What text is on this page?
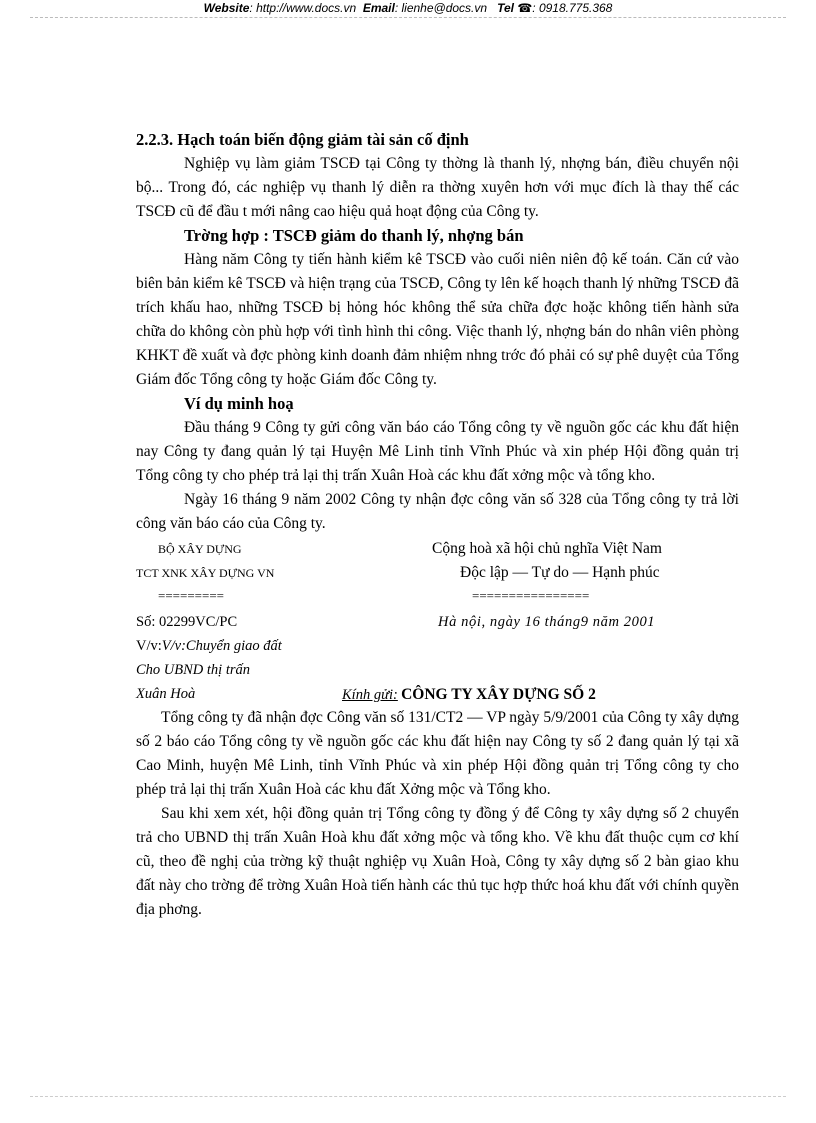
Website: http://www.docs.vn Email: lienhe@docs.vn Tel ☎: 0918.775.368

2.2.3. Hạch toán biến động giảm tài sản cố định

Nghiệp vụ làm giảm TSCĐ tại Công ty thờng là thanh lý, nhợng bán, điều chuyển nội bộ... Trong đó, các nghiệp vụ thanh lý diễn ra thờng xuyên hơn với mục đích là thay thế các TSCĐ cũ để đầu t mới nâng cao hiệu quả hoạt động của Công ty.

Trờng hợp : TSCĐ giảm do thanh lý, nhợng bán

Hàng năm Công ty tiến hành kiểm kê TSCĐ vào cuối niên niên độ kế toán. Căn cứ vào biên bản kiểm kê TSCĐ và hiện trạng của TSCĐ, Công ty lên kế hoạch thanh lý những TSCĐ đã trích khấu hao, những TSCĐ bị hỏng hóc không thể sửa chữa đợc hoặc không tiến hành sửa chữa do không còn phù hợp với tình hình thi công. Việc thanh lý, nhợng bán do nhân viên phòng KHKT đề xuất và đợc phòng kinh doanh đảm nhiệm nhng trớc đó phải có sự phê duyệt của Tổng Giám đốc Tổng công ty hoặc Giám đốc Công ty.

Ví dụ minh hoạ

Đầu tháng 9 Công ty gửi công văn báo cáo Tổng công ty về nguồn gốc các khu đất hiện nay Công ty đang quản lý tại Huyện Mê Linh tỉnh Vĩnh Phúc và xin phép Hội đồng quản trị Tổng công ty cho phép trả lại thị trấn Xuân Hoà các khu đất xởng mộc và tổng kho.

Ngày 16 tháng 9 năm 2002 Công ty nhận đợc công văn số 328 của Tổng công ty trả lời công văn báo cáo của Công ty.

BỘ XÂY DỰNG
TCT XNK XÂY DỰNG VN
=========
Số: 02299VC/PC
V/v:V/v:Chuyển giao đất
Cho UBND thị trấn
Xuân Hoà
Cộng hoà xã hội chủ nghĩa Việt Nam
Độc lập — Tự do — Hạnh phúc
================
Hà nội, ngày 16 tháng9 năm 2001
Kính gửi: CÔNG TY XÂY DỰNG SỐ 2

Tổng công ty đã nhận đợc Công văn số 131/CT2 — VP ngày 5/9/2001 của Công ty xây dựng số 2 báo cáo Tổng công ty về nguồn gốc các khu đất hiện nay Công ty số 2 đang quản lý tại xã Cao Minh, huyện Mê Linh, tỉnh Vĩnh Phúc và xin phép Hội đồng quản trị Tổng công ty cho phép trả lại thị trấn Xuân Hoà các khu đất Xởng mộc và Tổng kho.

Sau khi xem xét, hội đồng quản trị Tổng công ty đồng ý để Công ty xây dựng số 2 chuyển trả cho UBND thị trấn Xuân Hoà khu đất xởng mộc và tổng kho. Về khu đất thuộc cụm cơ khí cũ, theo đề nghị của trờng kỹ thuật nghiệp vụ Xuân Hoà, Công ty xây dựng số 2 bàn giao khu đất này cho trờng để trờng Xuân Hoà tiến hành các thủ tục hợp thức hoá khu đất với chính quyền địa phơng.
